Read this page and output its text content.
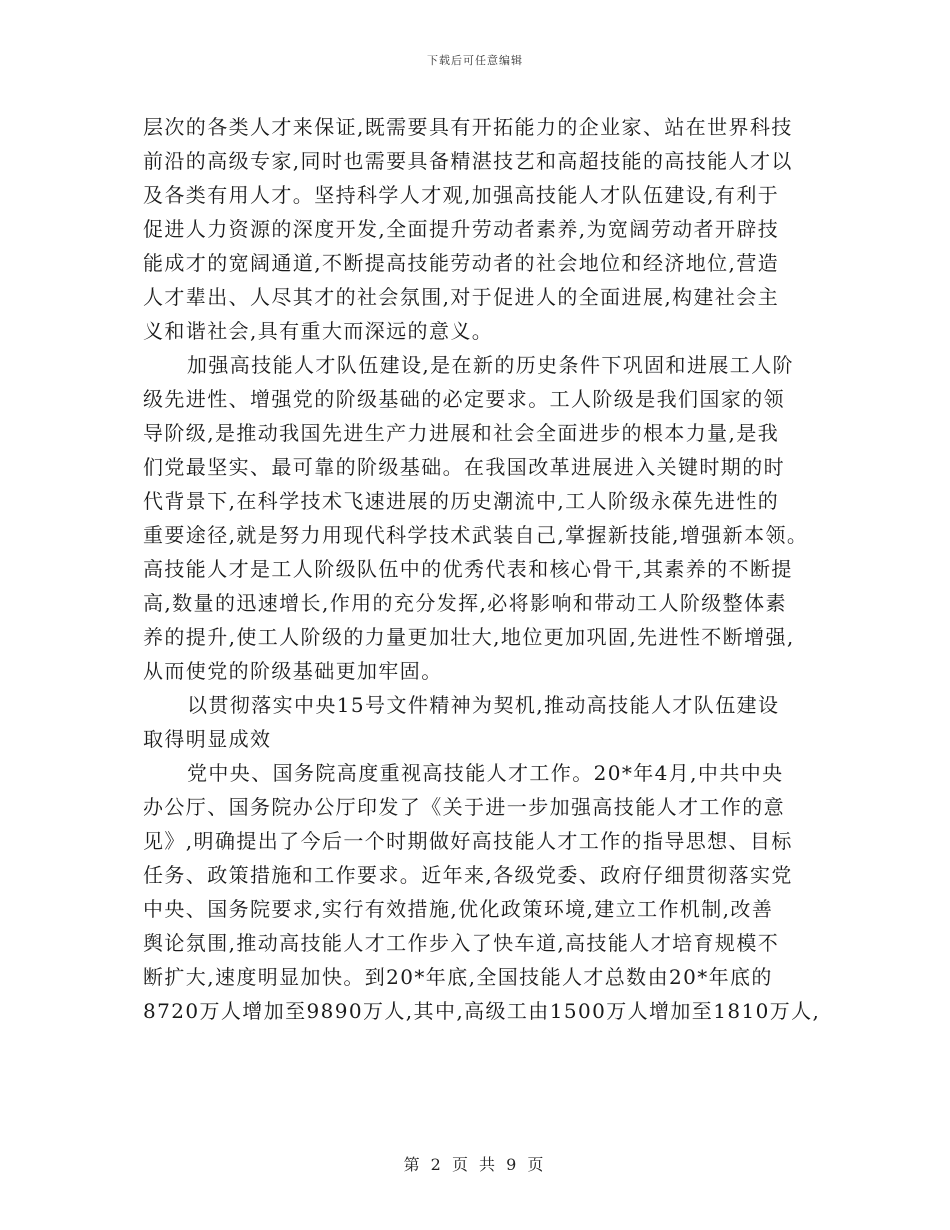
下载后可任意编辑
层次的各类人才来保证,既需要具有开拓能力的企业家、站在世界科技
前沿的高级专家,同时也需要具备精湛技艺和高超技能的高技能人才以
及各类有用人才。坚持科学人才观,加强高技能人才队伍建设,有利于
促进人力资源的深度开发,全面提升劳动者素养,为宽阔劳动者开辟技
能成才的宽阔通道,不断提高技能劳动者的社会地位和经济地位,营造
人才辈出、人尽其才的社会氛围,对于促进人的全面进展,构建社会主
义和谐社会,具有重大而深远的意义。
加强高技能人才队伍建设,是在新的历史条件下巩固和进展工人阶
级先进性、增强党的阶级基础的必定要求。工人阶级是我们国家的领
导阶级,是推动我国先进生产力进展和社会全面进步的根本力量,是我
们党最坚实、最可靠的阶级基础。在我国改革进展进入关键时期的时
代背景下,在科学技术飞速进展的历史潮流中,工人阶级永葆先进性的
重要途径,就是努力用现代科学技术武装自己,掌握新技能,增强新本领。
高技能人才是工人阶级队伍中的优秀代表和核心骨干,其素养的不断提
高,数量的迅速增长,作用的充分发挥,必将影响和带动工人阶级整体素
养的提升,使工人阶级的力量更加壮大,地位更加巩固,先进性不断增强,
从而使党的阶级基础更加牢固。
以贯彻落实中央15号文件精神为契机,推动高技能人才队伍建设
取得明显成效
党中央、国务院高度重视高技能人才工作。20*年4月,中共中央
办公厅、国务院办公厅印发了《关于进一步加强高技能人才工作的意
见》,明确提出了今后一个时期做好高技能人才工作的指导思想、目标
任务、政策措施和工作要求。近年来,各级党委、政府仔细贯彻落实党
中央、国务院要求,实行有效措施,优化政策环境,建立工作机制,改善
舆论氛围,推动高技能人才工作步入了快车道,高技能人才培育规模不
断扩大,速度明显加快。到20*年底,全国技能人才总数由20*年底的
8720万人增加至9890万人,其中,高级工由1500万人增加至1810万人,
第 2 页 共 9 页
